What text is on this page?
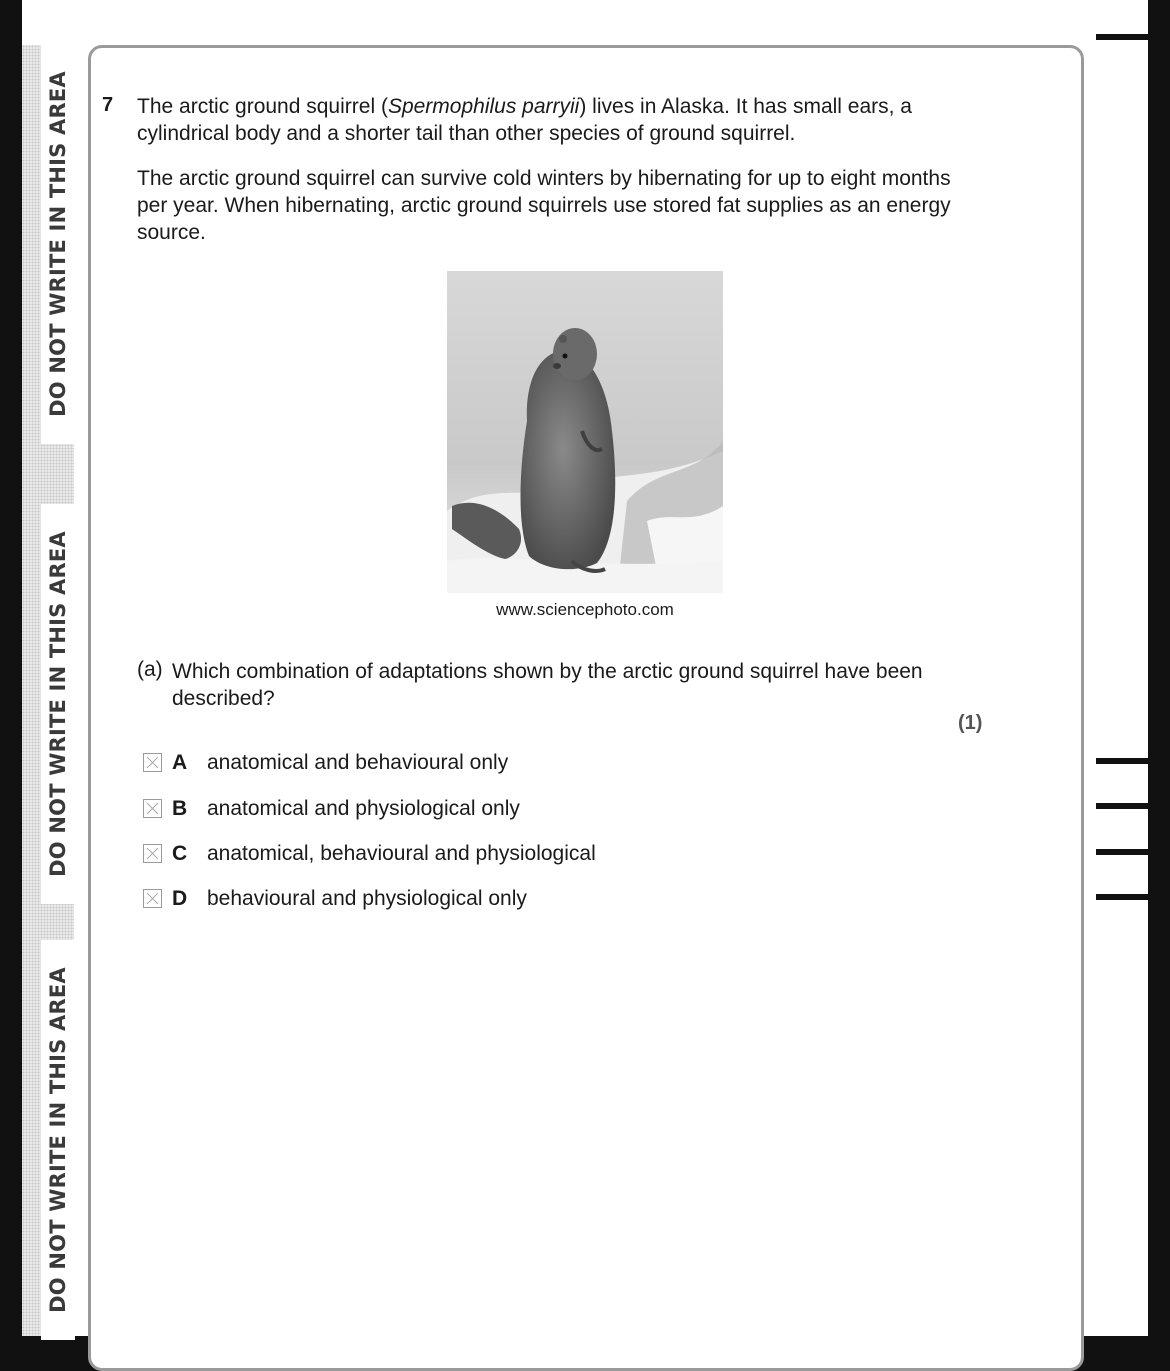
DO NOT WRITE IN THIS AREA
DO NOT WRITE IN THIS AREA
DO NOT WRITE IN THIS AREA
7 The arctic ground squirrel (Spermophilus parryii) lives in Alaska. It has small ears, a cylindrical body and a shorter tail than other species of ground squirrel.

The arctic ground squirrel can survive cold winters by hibernating for up to eight months per year. When hibernating, arctic ground squirrels use stored fat supplies as an energy source.

www.sciencephoto.com
(a) Which combination of adaptations shown by the arctic ground squirrel have been described?
(1)
A anatomical and behavioural only
B anatomical and physiological only
C anatomical, behavioural and physiological
D behavioural and physiological only
